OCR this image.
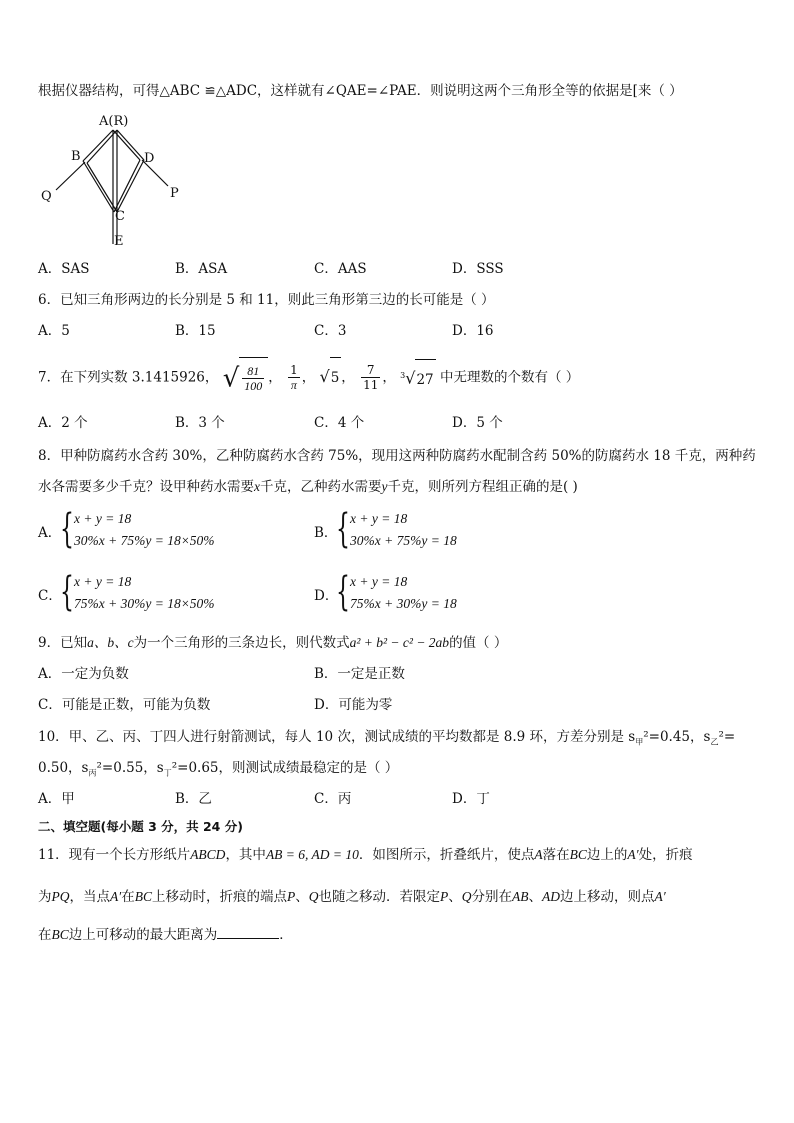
根据仪器结构，可得△ABC ≌△ADC，这样就有∠QAE=∠PAE．则说明这两个三角形全等的依据是[来（ ）
A(R)
B	D
Q	P
C
E
A．SAS	B．ASA	C．AAS	D．SSS
6．已知三角形两边的长分别是 5 和 11，则此三角形第三边的长可能是（ ）
A．5	B．15	C．3	D．16
7．在下列实数 3.1415926， √ $\frac{81}{100}$ ， $\frac{1}{\pi}$ ， √5 ， $\frac{7}{11}$ ， $^3$√27 中无理数的个数有（ ）
A．2 个	B．3 个	C．4 个	D．5 个
8．甲种防腐药水含药 30%，乙种防腐药水含药 75%，现用这两种防腐药水配制含药 50%的防腐药水 18 千克，两种药
水各需要多少千克？设甲种药水需要x千克，乙种药水需要y千克，则所列方程组正确的是( )
A．
{ x + y = 18
30%x + 75%y = 18×50%	B．
{ x + y = 18
30%x + 75%y = 18
C．
{ x + y = 18
75%x + 30%y = 18×50%	D．
{ x + y = 18
75%x + 30%y = 18
9．已知a、b、c为一个三角形的三条边长，则代数式a² + b² − c² − 2ab的值（ ）
A．一定为负数	B．一定是正数
C．可能是正数，可能为负数	D．可能为零
10．甲、乙、丙、丁四人进行射箭测试，每人 10 次，测试成绩的平均数都是 8.9 环，方差分别是 $s_甲^2=0.45$，$s_乙^2=$
0.50，$s_丙^2=0.55$，$s_丁^2=0.65$，则测试成绩最稳定的是（ ）
A．甲	B．乙	C．丙	D．丁
二、填空题(每小题 3 分，共 24 分)
11．现有一个长方形纸片ABCD，其中AB = 6, AD = 10．如图所示，折叠纸片，使点A落在BC边上的A′处，折痕
为PQ，当点A′在BC上移动时，折痕的端点P、Q也随之移动．若限定P、Q分别在AB、AD边上移动，则点A′
在BC边上可移动的最大距离为	．
